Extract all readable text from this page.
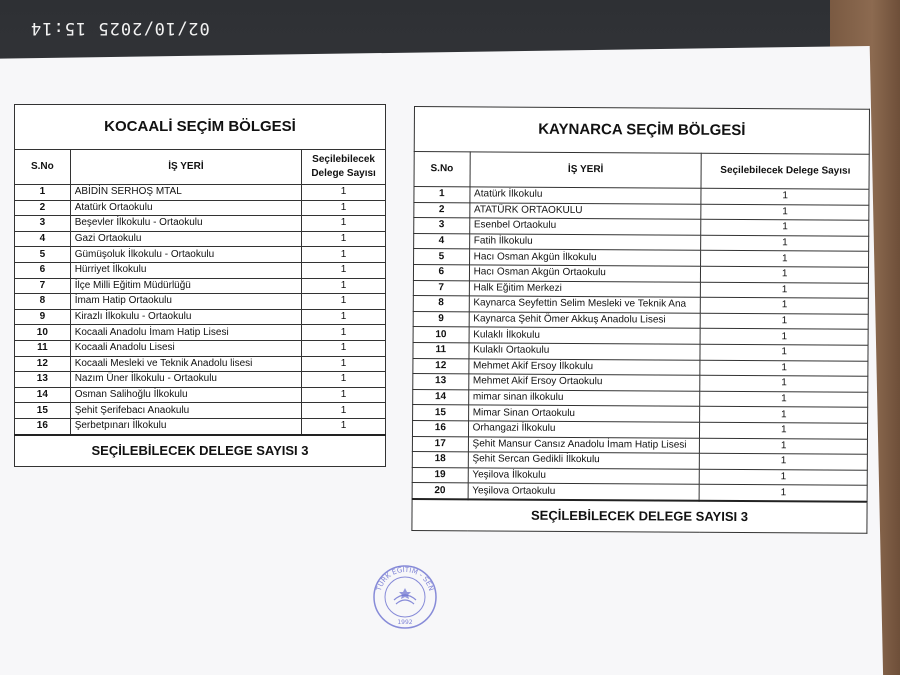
02/10/2025 15:14
KOCAALİ SEÇİM BÖLGESİ		
S.No	İŞ YERİ	Seçilebilecek Delege Sayısı
1	ABİDİN SERHOŞ MTAL	1
2	Atatürk Ortaokulu	1
3	Beşevler İlkokulu - Ortaokulu	1
4	Gazi Ortaokulu	1
5	Gümüşoluk İlkokulu - Ortaokulu	1
6	Hürriyet İlkokulu	1
7	İlçe Milli Eğitim Müdürlüğü	1
8	İmam Hatip Ortaokulu	1
9	Kirazlı İlkokulu - Ortaokulu	1
10	Kocaali Anadolu İmam Hatip Lisesi	1
11	Kocaali Anadolu Lisesi	1
12	Kocaali Mesleki ve Teknik Anadolu lisesi	1
13	Nazım Üner İlkokulu - Ortaokulu	1
14	Osman Salihoğlu İlkokulu	1
15	Şehit Şerifebacı Anaokulu	1
16	Şerbetpınarı İlkokulu	1
SEÇİLEBİLECEK DELEGE SAYISI 3		
KAYNARCA SEÇİM BÖLGESİ		
S.No	İŞ YERİ	Seçilebilecek Delege Sayısı
1	Atatürk İlkokulu	1
2	ATATÜRK ORTAOKULU	1
3	Esenbel Ortaokulu	1
4	Fatih İlkokulu	1
5	Hacı Osman Akgün İlkokulu	1
6	Hacı Osman Akgün Ortaokulu	1
7	Halk Eğitim Merkezi	1
8	Kaynarca Seyfettin Selim Mesleki ve Teknik Ana	1
9	Kaynarca Şehit Ömer Akkuş Anadolu Lisesi	1
10	Kulaklı İlkokulu	1
11	Kulaklı Ortaokulu	1
12	Mehmet Akif Ersoy İlkokulu	1
13	Mehmet Akif Ersoy Ortaokulu	1
14	mimar sinan ilkokulu	1
15	Mimar Sinan Ortaokulu	1
16	Orhangazi İlkokulu	1
17	Şehit Mansur Cansız Anadolu İmam Hatip Lisesi	1
18	Şehit Sercan Gedikli İlkokulu	1
19	Yeşilova İlkokulu	1
20	Yeşilova Ortaokulu	1
SEÇİLEBİLECEK DELEGE SAYISI 3		
TÜRK EĞİTİM - SEN
1992
